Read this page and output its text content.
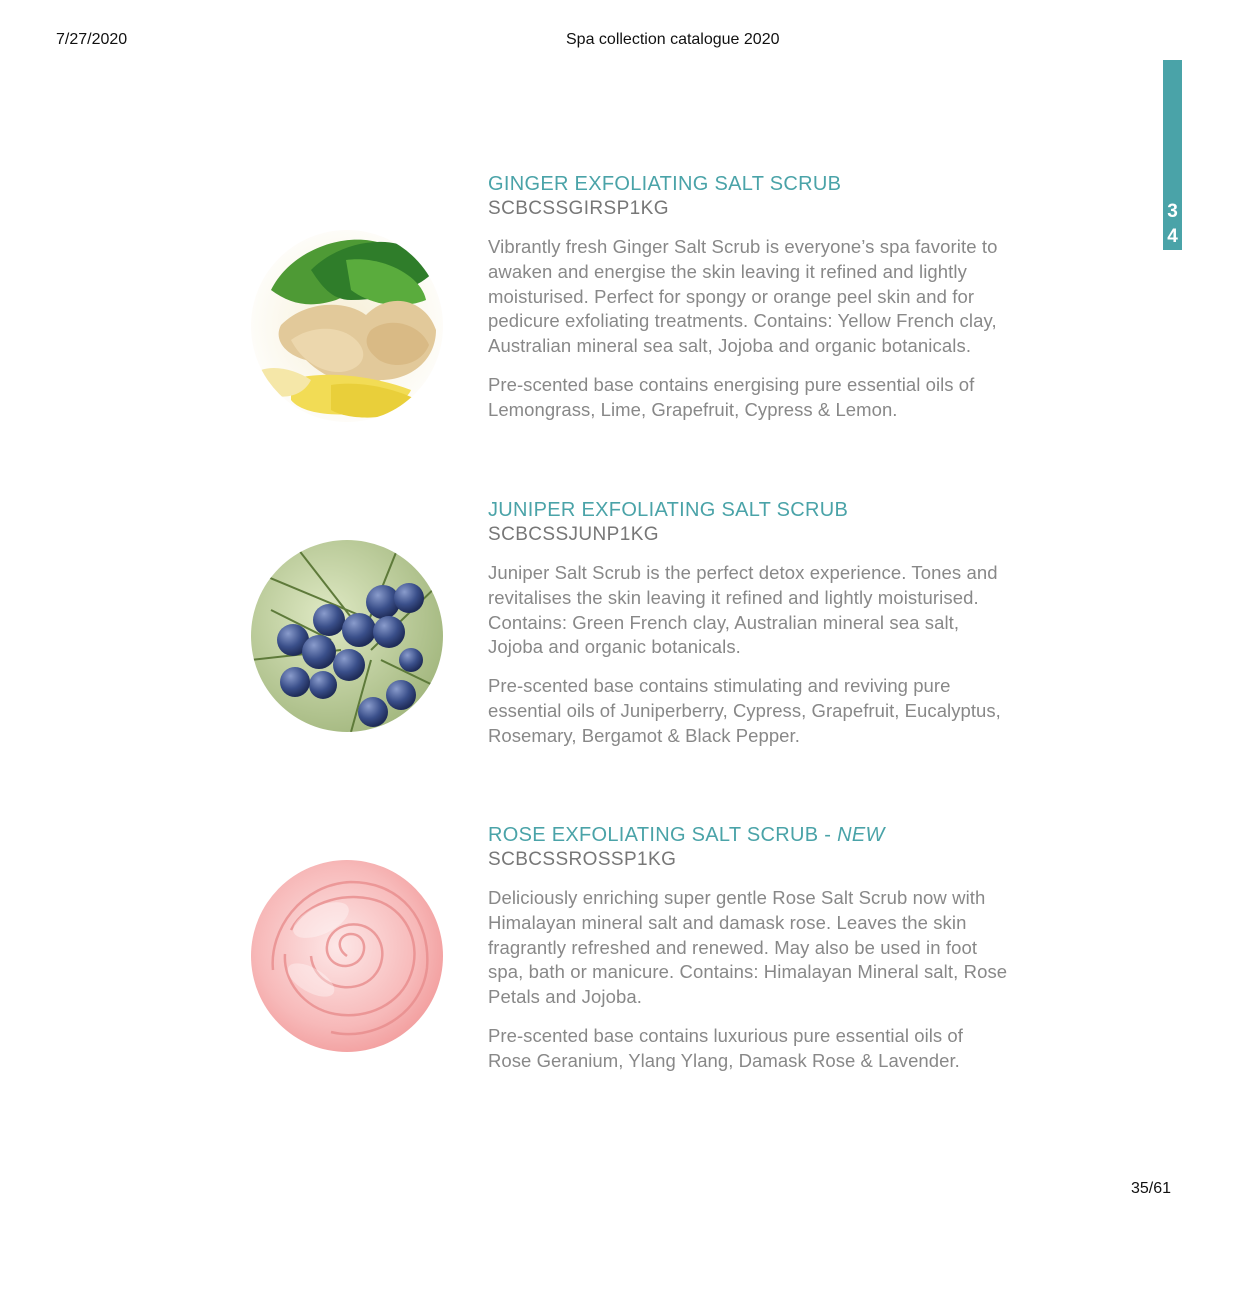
7/27/2020	Spa collection catalogue 2020
3
4
GINGER EXFOLIATING SALT SCRUB
SCBCSSGIRSP1KG
Vibrantly fresh Ginger Salt Scrub is everyone’s spa favorite to awaken and energise the skin leaving it refined and lightly moisturised. Perfect for spongy or orange peel skin and for pedicure exfoliating treatments. Contains: Yellow French clay, Australian mineral sea salt, Jojoba and organic botanicals.
Pre-scented base contains energising pure essential oils of Lemongrass, Lime, Grapefruit, Cypress & Lemon.
JUNIPER EXFOLIATING SALT SCRUB
SCBCSSJUNP1KG
Juniper Salt Scrub is the perfect detox experience. Tones and revitalises the skin leaving it refined and lightly moisturised. Contains: Green French clay, Australian mineral sea salt, Jojoba and organic botanicals.
Pre-scented base contains stimulating and reviving pure essential oils of Juniperberry, Cypress, Grapefruit, Eucalyptus, Rosemary, Bergamot & Black Pepper.
ROSE EXFOLIATING SALT SCRUB - NEW
SCBCSSROSSP1KG
Deliciously enriching super gentle Rose Salt Scrub now with Himalayan mineral salt and damask rose. Leaves the skin fragrantly refreshed and renewed. May also be used in foot spa, bath or manicure. Contains: Himalayan Mineral salt, Rose Petals and Jojoba.
Pre-scented base contains luxurious pure essential oils of Rose Geranium, Ylang Ylang, Damask Rose & Lavender.
35/61
